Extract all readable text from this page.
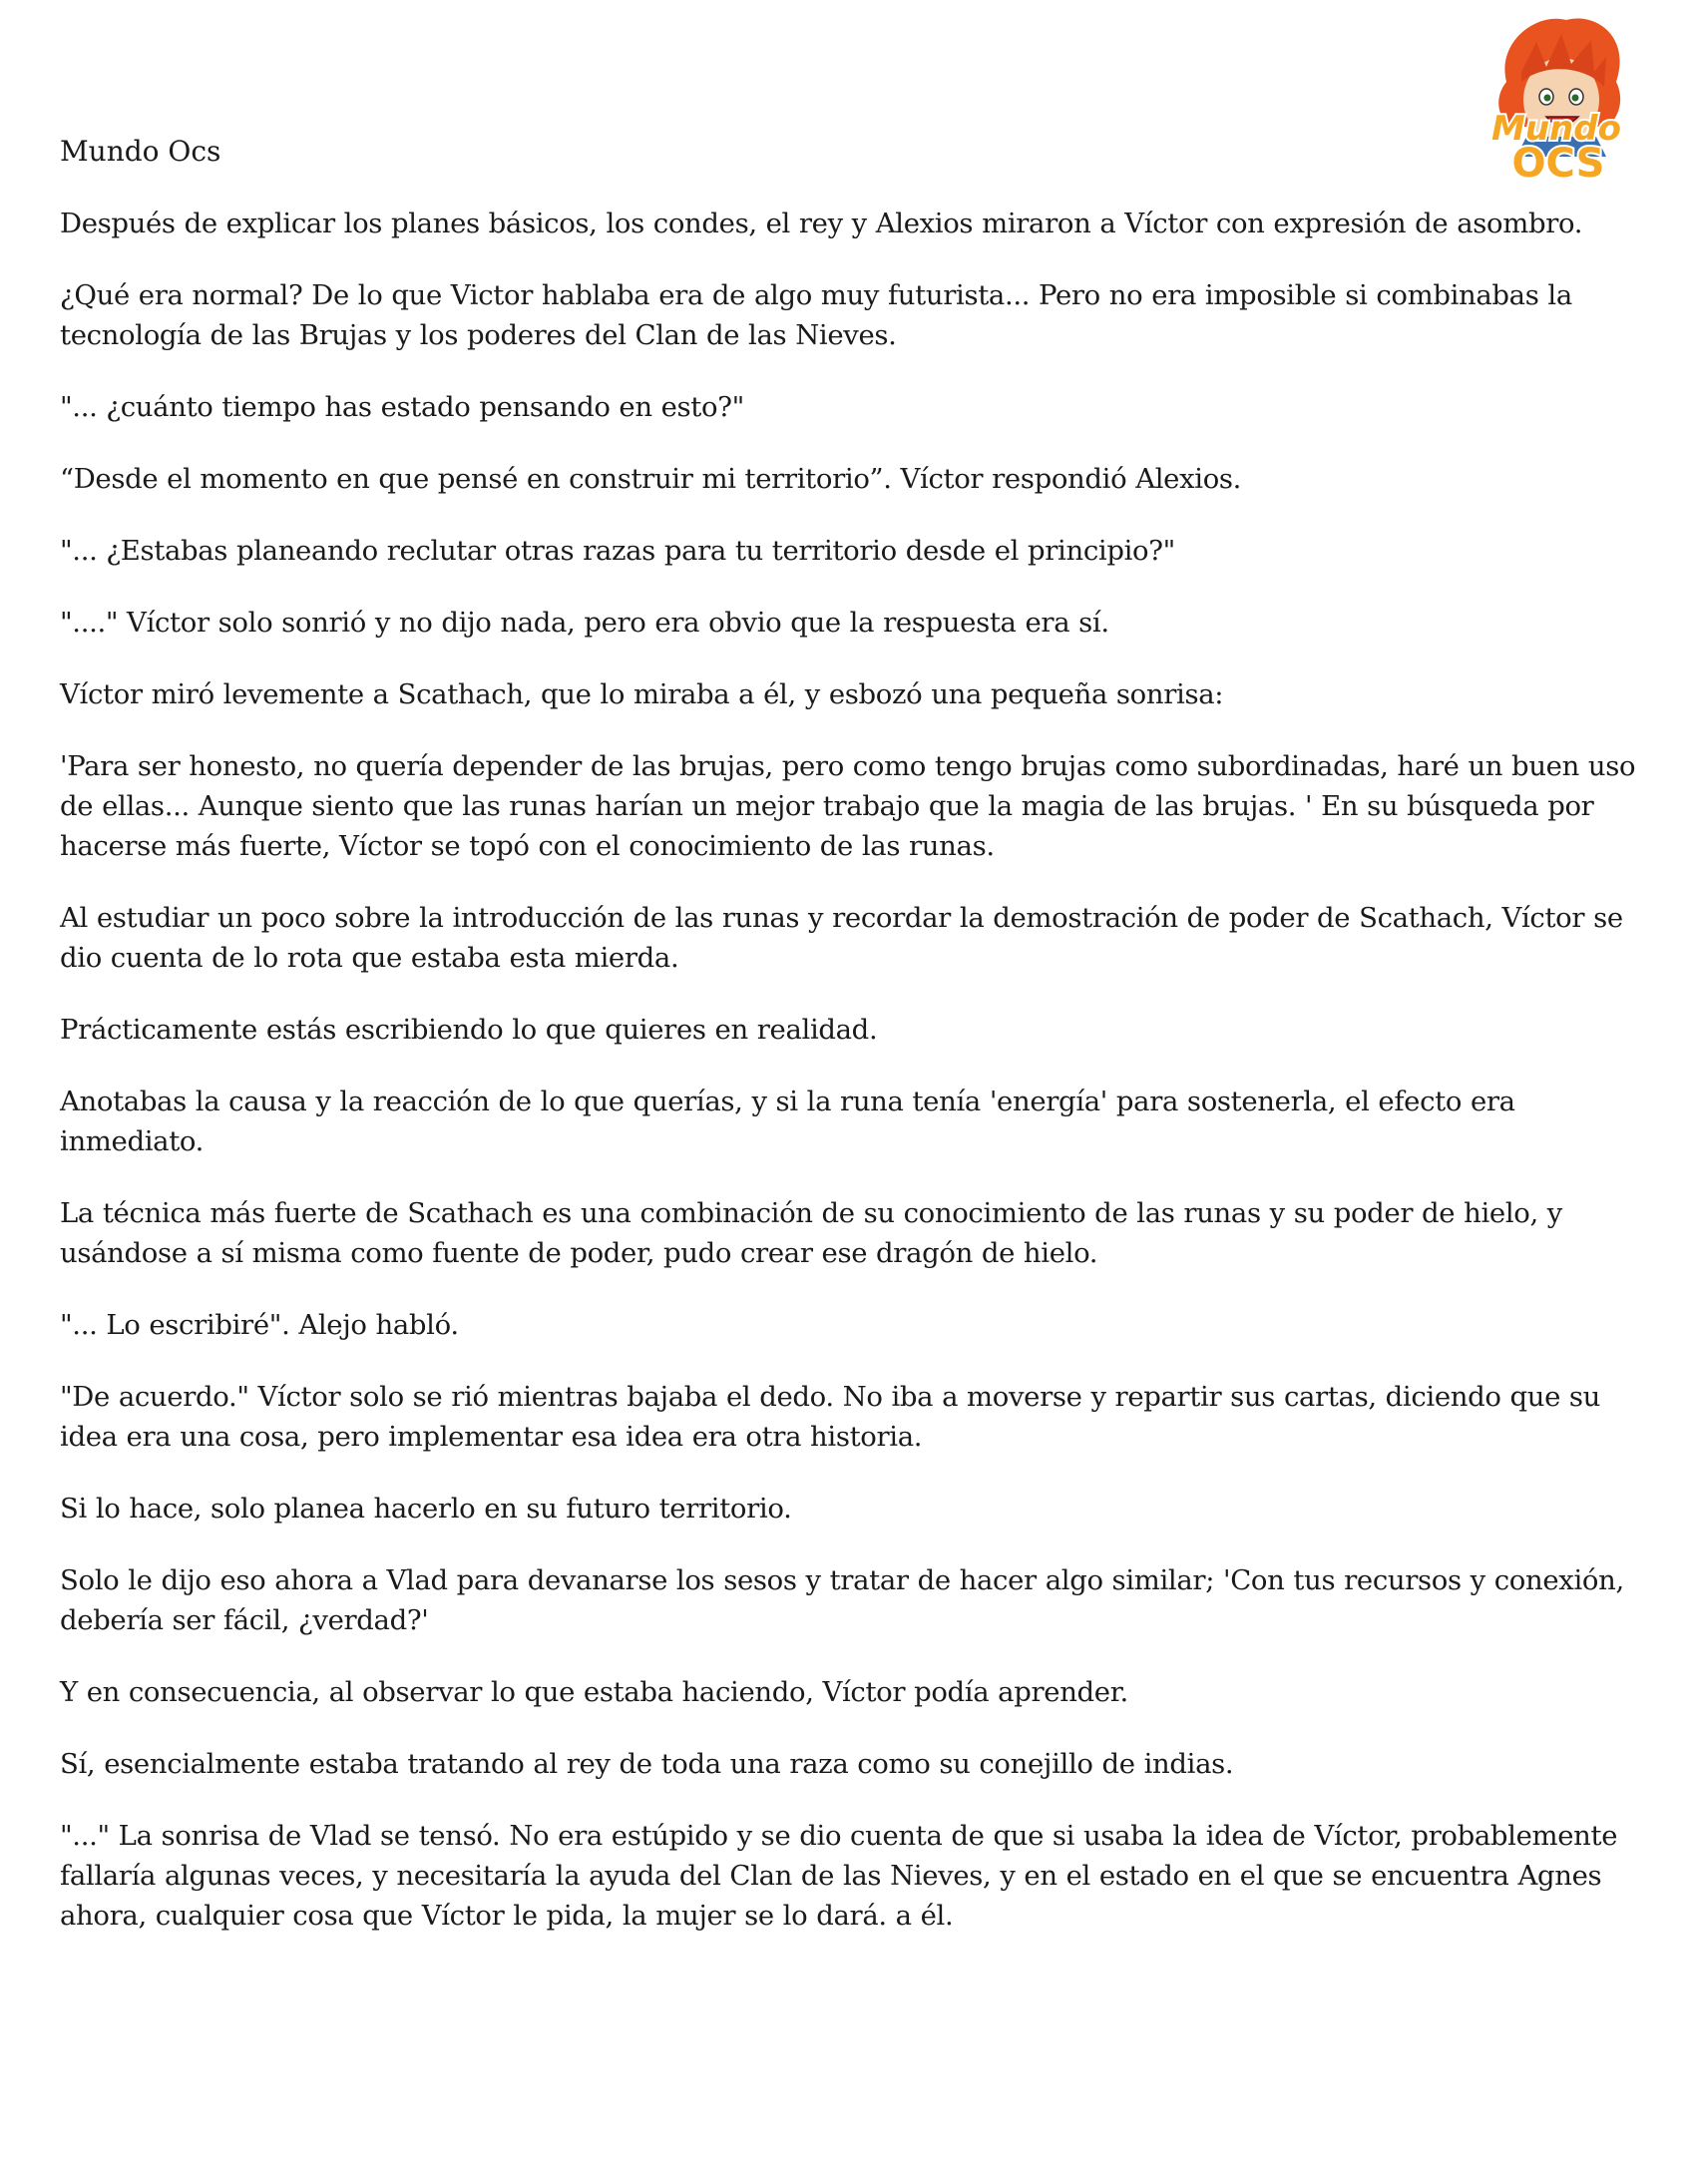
Mundo
OCS
Mundo Ocs

Después de explicar los planes básicos, los condes, el rey y Alexios miraron a Víctor con expresión de asombro.

¿Qué era normal? De lo que Victor hablaba era de algo muy futurista... Pero no era imposible si combinabas la tecnología de las Brujas y los poderes del Clan de las Nieves.

"... ¿cuánto tiempo has estado pensando en esto?"

“Desde el momento en que pensé en construir mi territorio”. Víctor respondió Alexios.

"... ¿Estabas planeando reclutar otras razas para tu territorio desde el principio?"

"...." Víctor solo sonrió y no dijo nada, pero era obvio que la respuesta era sí.

Víctor miró levemente a Scathach, que lo miraba a él, y esbozó una pequeña sonrisa:

'Para ser honesto, no quería depender de las brujas, pero como tengo brujas como subordinadas, haré un buen uso de ellas... Aunque siento que las runas harían un mejor trabajo que la magia de las brujas. ' En su búsqueda por hacerse más fuerte, Víctor se topó con el conocimiento de las runas.

Al estudiar un poco sobre la introducción de las runas y recordar la demostración de poder de Scathach, Víctor se dio cuenta de lo rota que estaba esta mierda.

Prácticamente estás escribiendo lo que quieres en realidad.

Anotabas la causa y la reacción de lo que querías, y si la runa tenía 'energía' para sostenerla, el efecto era inmediato.

La técnica más fuerte de Scathach es una combinación de su conocimiento de las runas y su poder de hielo, y usándose a sí misma como fuente de poder, pudo crear ese dragón de hielo.

"... Lo escribiré". Alejo habló.

"De acuerdo." Víctor solo se rió mientras bajaba el dedo. No iba a moverse y repartir sus cartas, diciendo que su idea era una cosa, pero implementar esa idea era otra historia.

Si lo hace, solo planea hacerlo en su futuro territorio.

Solo le dijo eso ahora a Vlad para devanarse los sesos y tratar de hacer algo similar; 'Con tus recursos y conexión, debería ser fácil, ¿verdad?'

Y en consecuencia, al observar lo que estaba haciendo, Víctor podía aprender.

Sí, esencialmente estaba tratando al rey de toda una raza como su conejillo de indias.

"..." La sonrisa de Vlad se tensó. No era estúpido y se dio cuenta de que si usaba la idea de Víctor, probablemente fallaría algunas veces, y necesitaría la ayuda del Clan de las Nieves, y en el estado en el que se encuentra Agnes ahora, cualquier cosa que Víctor le pida, la mujer se lo dará. a él.
